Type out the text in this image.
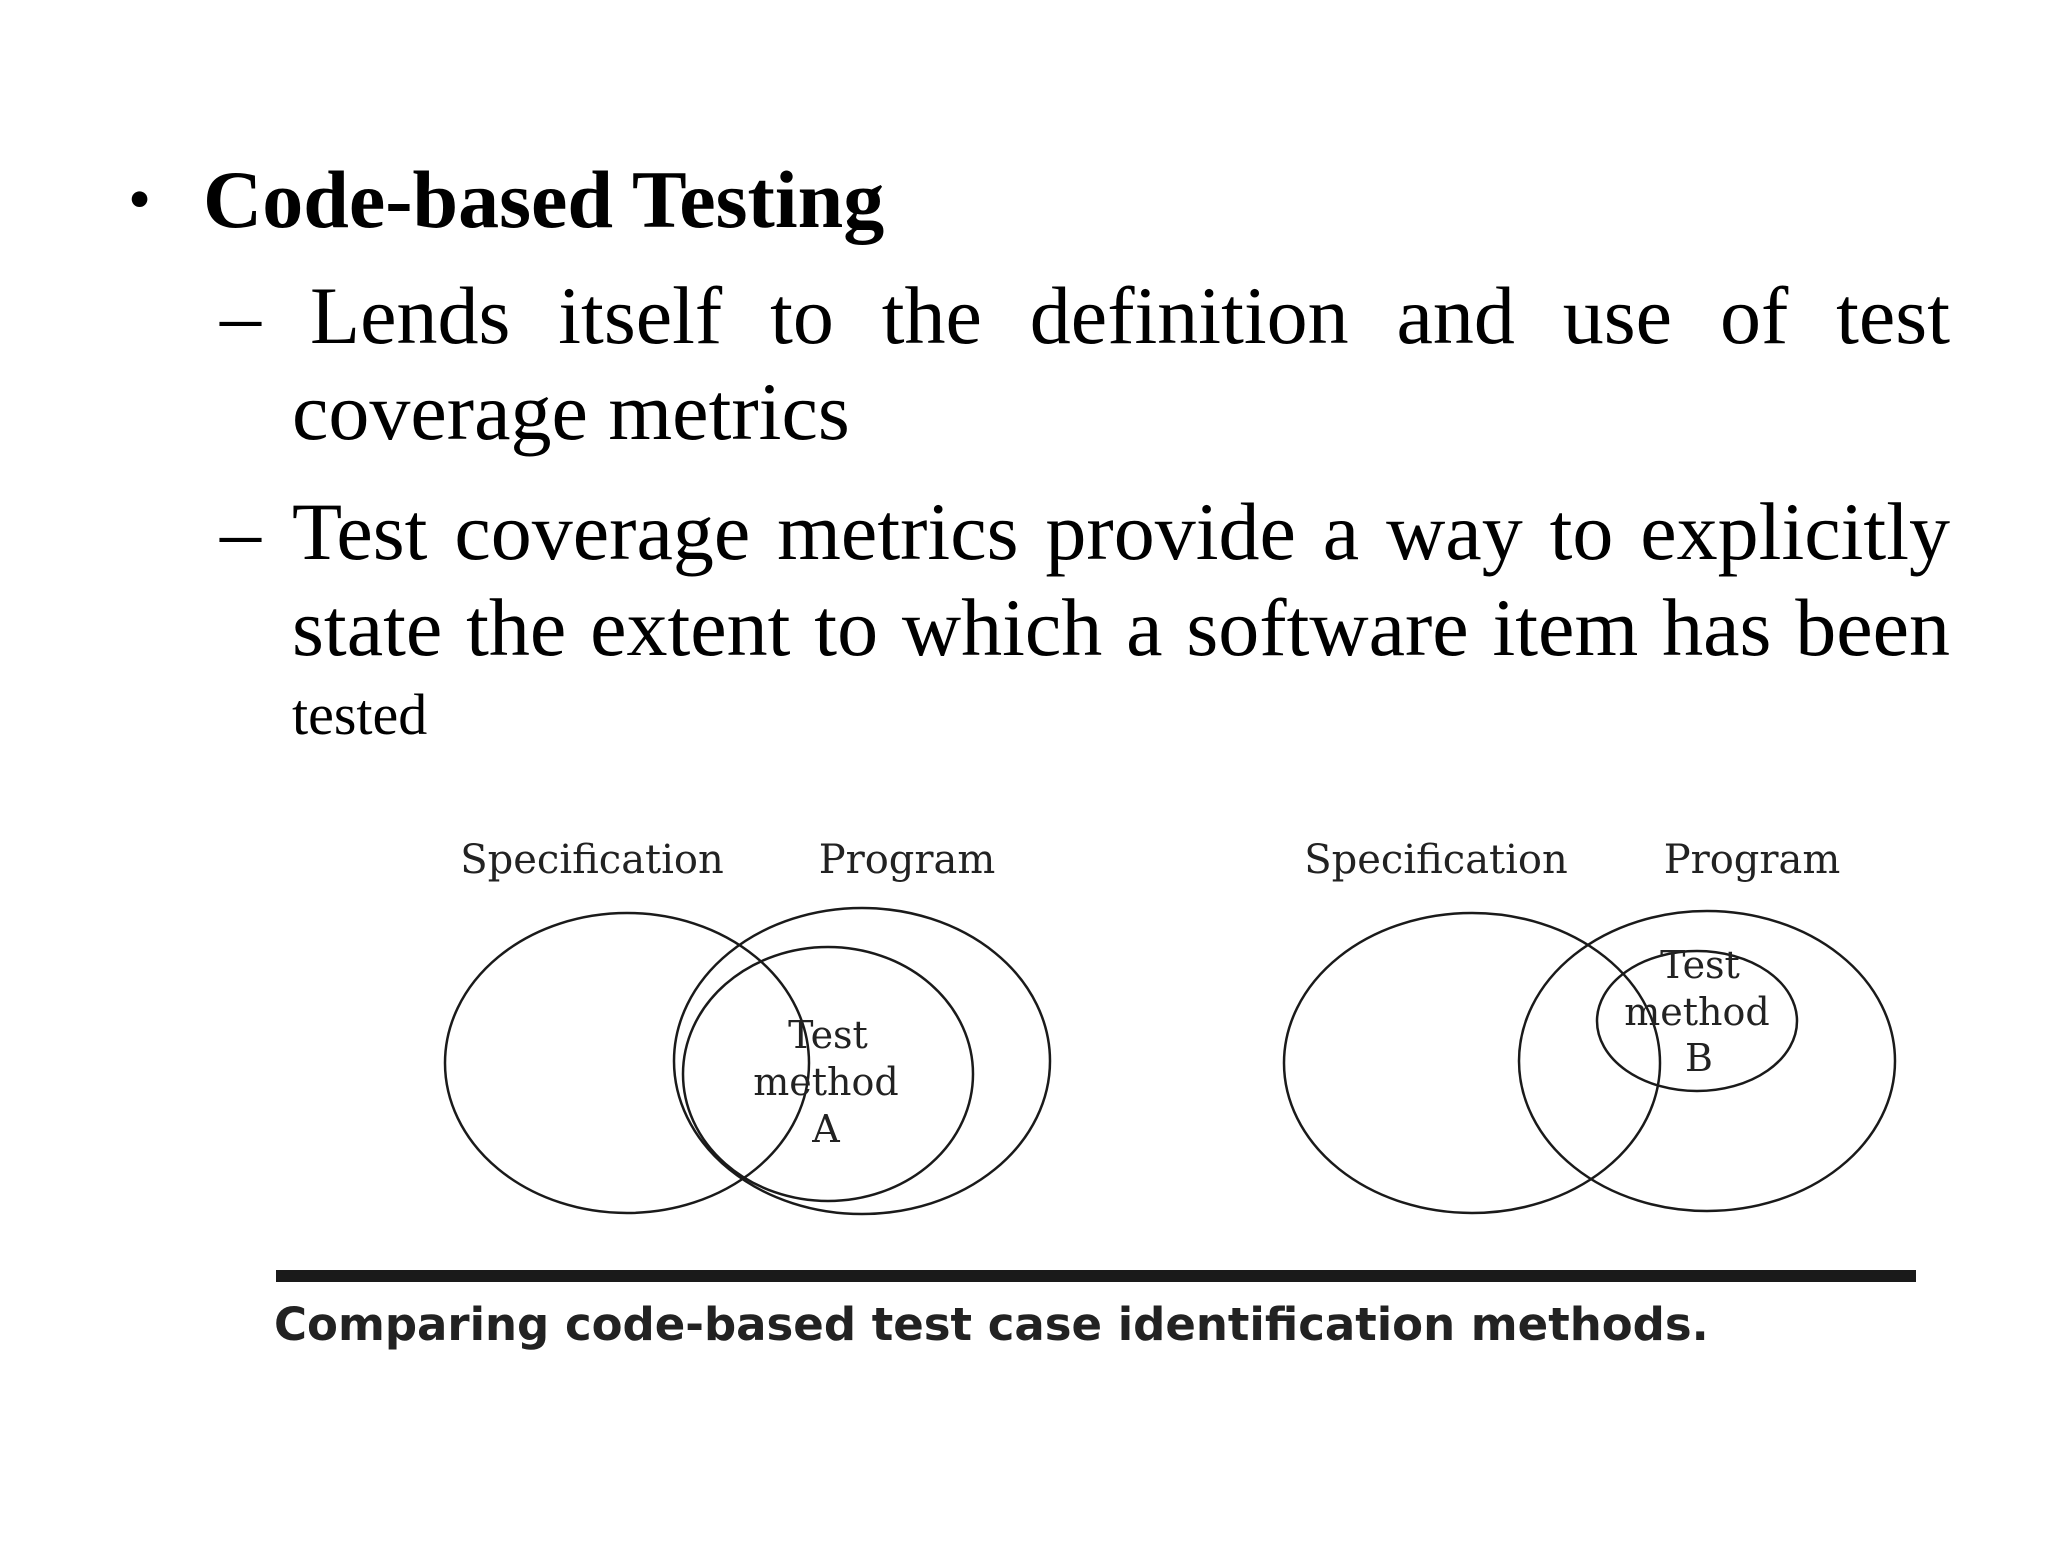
• Code-based Testing
– Lends itself to the definition and use of test
coverage metrics
– Test coverage metrics provide a way to explicitly
state the extent to which a software item has been
tested
Specification Program
Test
method
A
Specification Program
Test
method
B
Comparing code-based test case identification methods.
